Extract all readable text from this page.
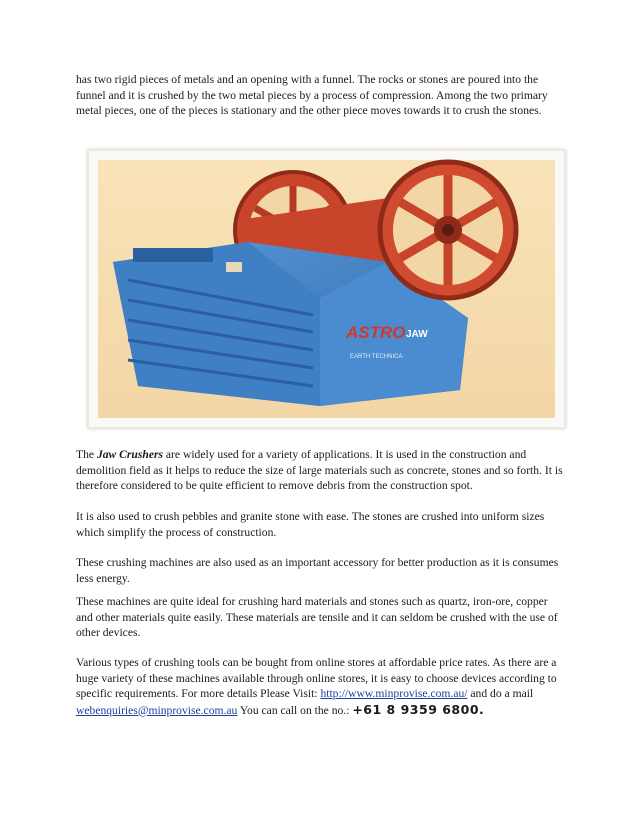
has two rigid pieces of metals and an opening with a funnel. The rocks or stones are poured into the funnel and it is crushed by the two metal pieces by a process of compression. Among the two primary metal pieces, one of the pieces is stationary and the other piece moves towards it to crush the stones.

ASTRO JAW
EARTH TECHNICA

The Jaw Crushers are widely used for a variety of applications. It is used in the construction and demolition field as it helps to reduce the size of large materials such as concrete, stones and so forth. It is therefore considered to be quite efficient to remove debris from the construction spot.

It is also used to crush pebbles and granite stone with ease. The stones are crushed into uniform sizes which simplify the process of construction.

These crushing machines are also used as an important accessory for better production as it is consumes less energy.

These machines are quite ideal for crushing hard materials and stones such as quartz, iron-ore, copper and other materials quite easily. These materials are tensile and it can seldom be crushed with the use of other devices.

Various types of crushing tools can be bought from online stores at affordable price rates. As there are a huge variety of these machines available through online stores, it is easy to choose devices according to specific requirements. For more details Please Visit: http://www.minprovise.com.au/ and do a mail webenquiries@minprovise.com.au You can call on the no.: +61 8 9359 6800.
